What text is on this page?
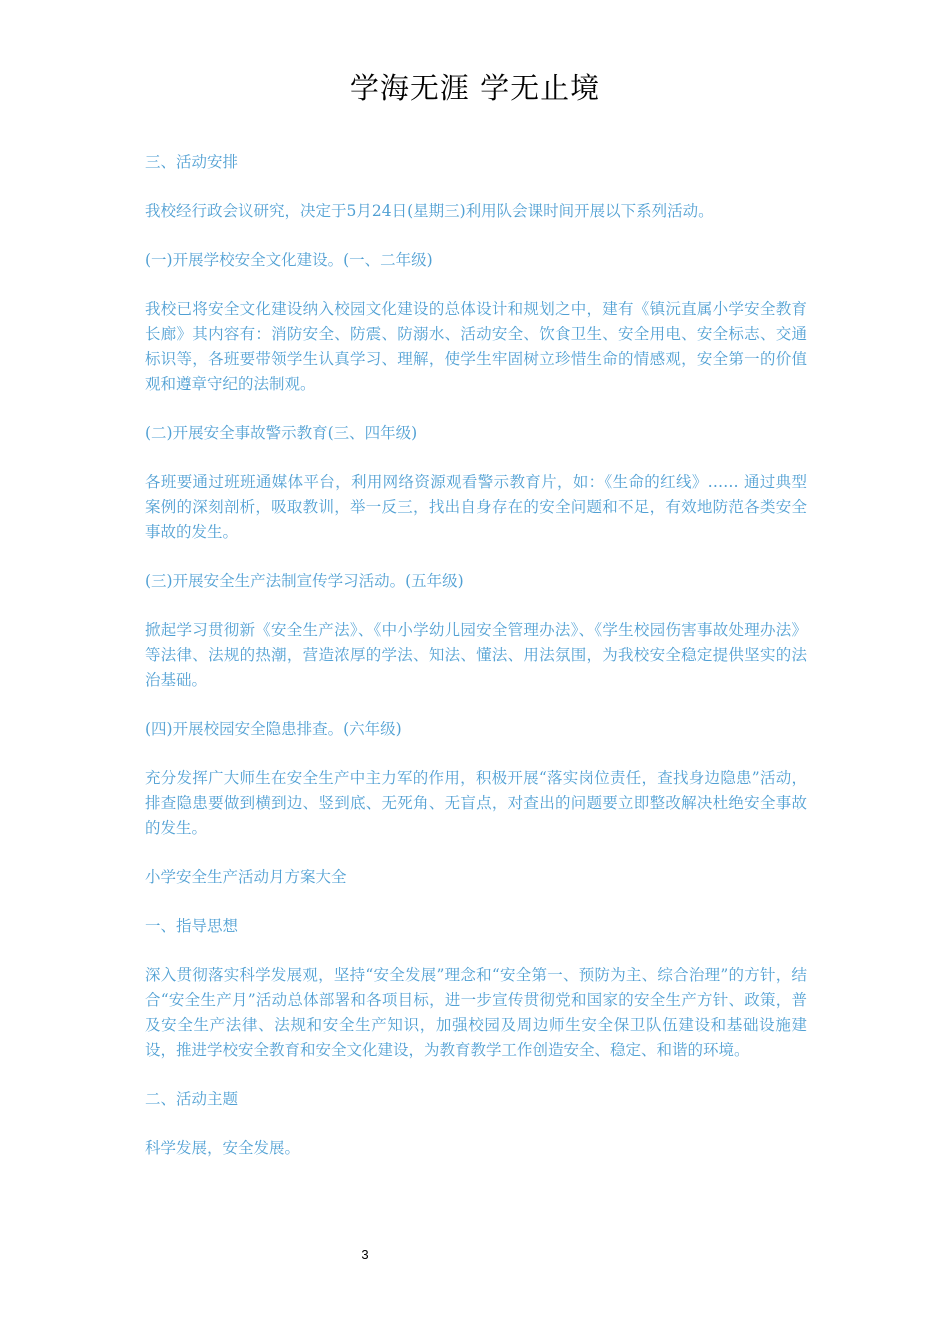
学海无涯 学无止境

三、活动安排

我校经行政会议研究，决定于5月24日(星期三)利用队会课时间开展以下系列活动。

(一)开展学校安全文化建设。(一、二年级)

我校已将安全文化建设纳入校园文化建设的总体设计和规划之中，建有《镇沅直属小学安全教育长廊》其内容有：消防安全、防震、防溺水、活动安全、饮食卫生、安全用电、安全标志、交通标识等，各班要带领学生认真学习、理解，使学生牢固树立珍惜生命的情感观，安全第一的价值观和遵章守纪的法制观。

(二)开展安全事故警示教育(三、四年级)

各班要通过班班通媒体平台，利用网络资源观看警示教育片，如：《生命的红线》…… 通过典型案例的深刻剖析，吸取教训，举一反三，找出自身存在的安全问题和不足，有效地防范各类安全事故的发生。

(三)开展安全生产法制宣传学习活动。(五年级)

掀起学习贯彻新《安全生产法》、《中小学幼儿园安全管理办法》、《学生校园伤害事故处理办法》等法律、法规的热潮，营造浓厚的学法、知法、懂法、用法氛围，为我校安全稳定提供坚实的法治基础。

(四)开展校园安全隐患排查。(六年级)

充分发挥广大师生在安全生产中主力军的作用，积极开展“落实岗位责任，查找身边隐患”活动，排查隐患要做到横到边、竖到底、无死角、无盲点，对查出的问题要立即整改解决杜绝安全事故的发生。

小学安全生产活动月方案大全

一、指导思想

深入贯彻落实科学发展观，坚持“安全发展”理念和“安全第一、预防为主、综合治理”的方针，结合“安全生产月”活动总体部署和各项目标，进一步宣传贯彻党和国家的安全生产方针、政策，普及安全生产法律、法规和安全生产知识，加强校园及周边师生安全保卫队伍建设和基础设施建设，推进学校安全教育和安全文化建设，为教育教学工作创造安全、稳定、和谐的环境。

二、活动主题

科学发展，安全发展。

3
